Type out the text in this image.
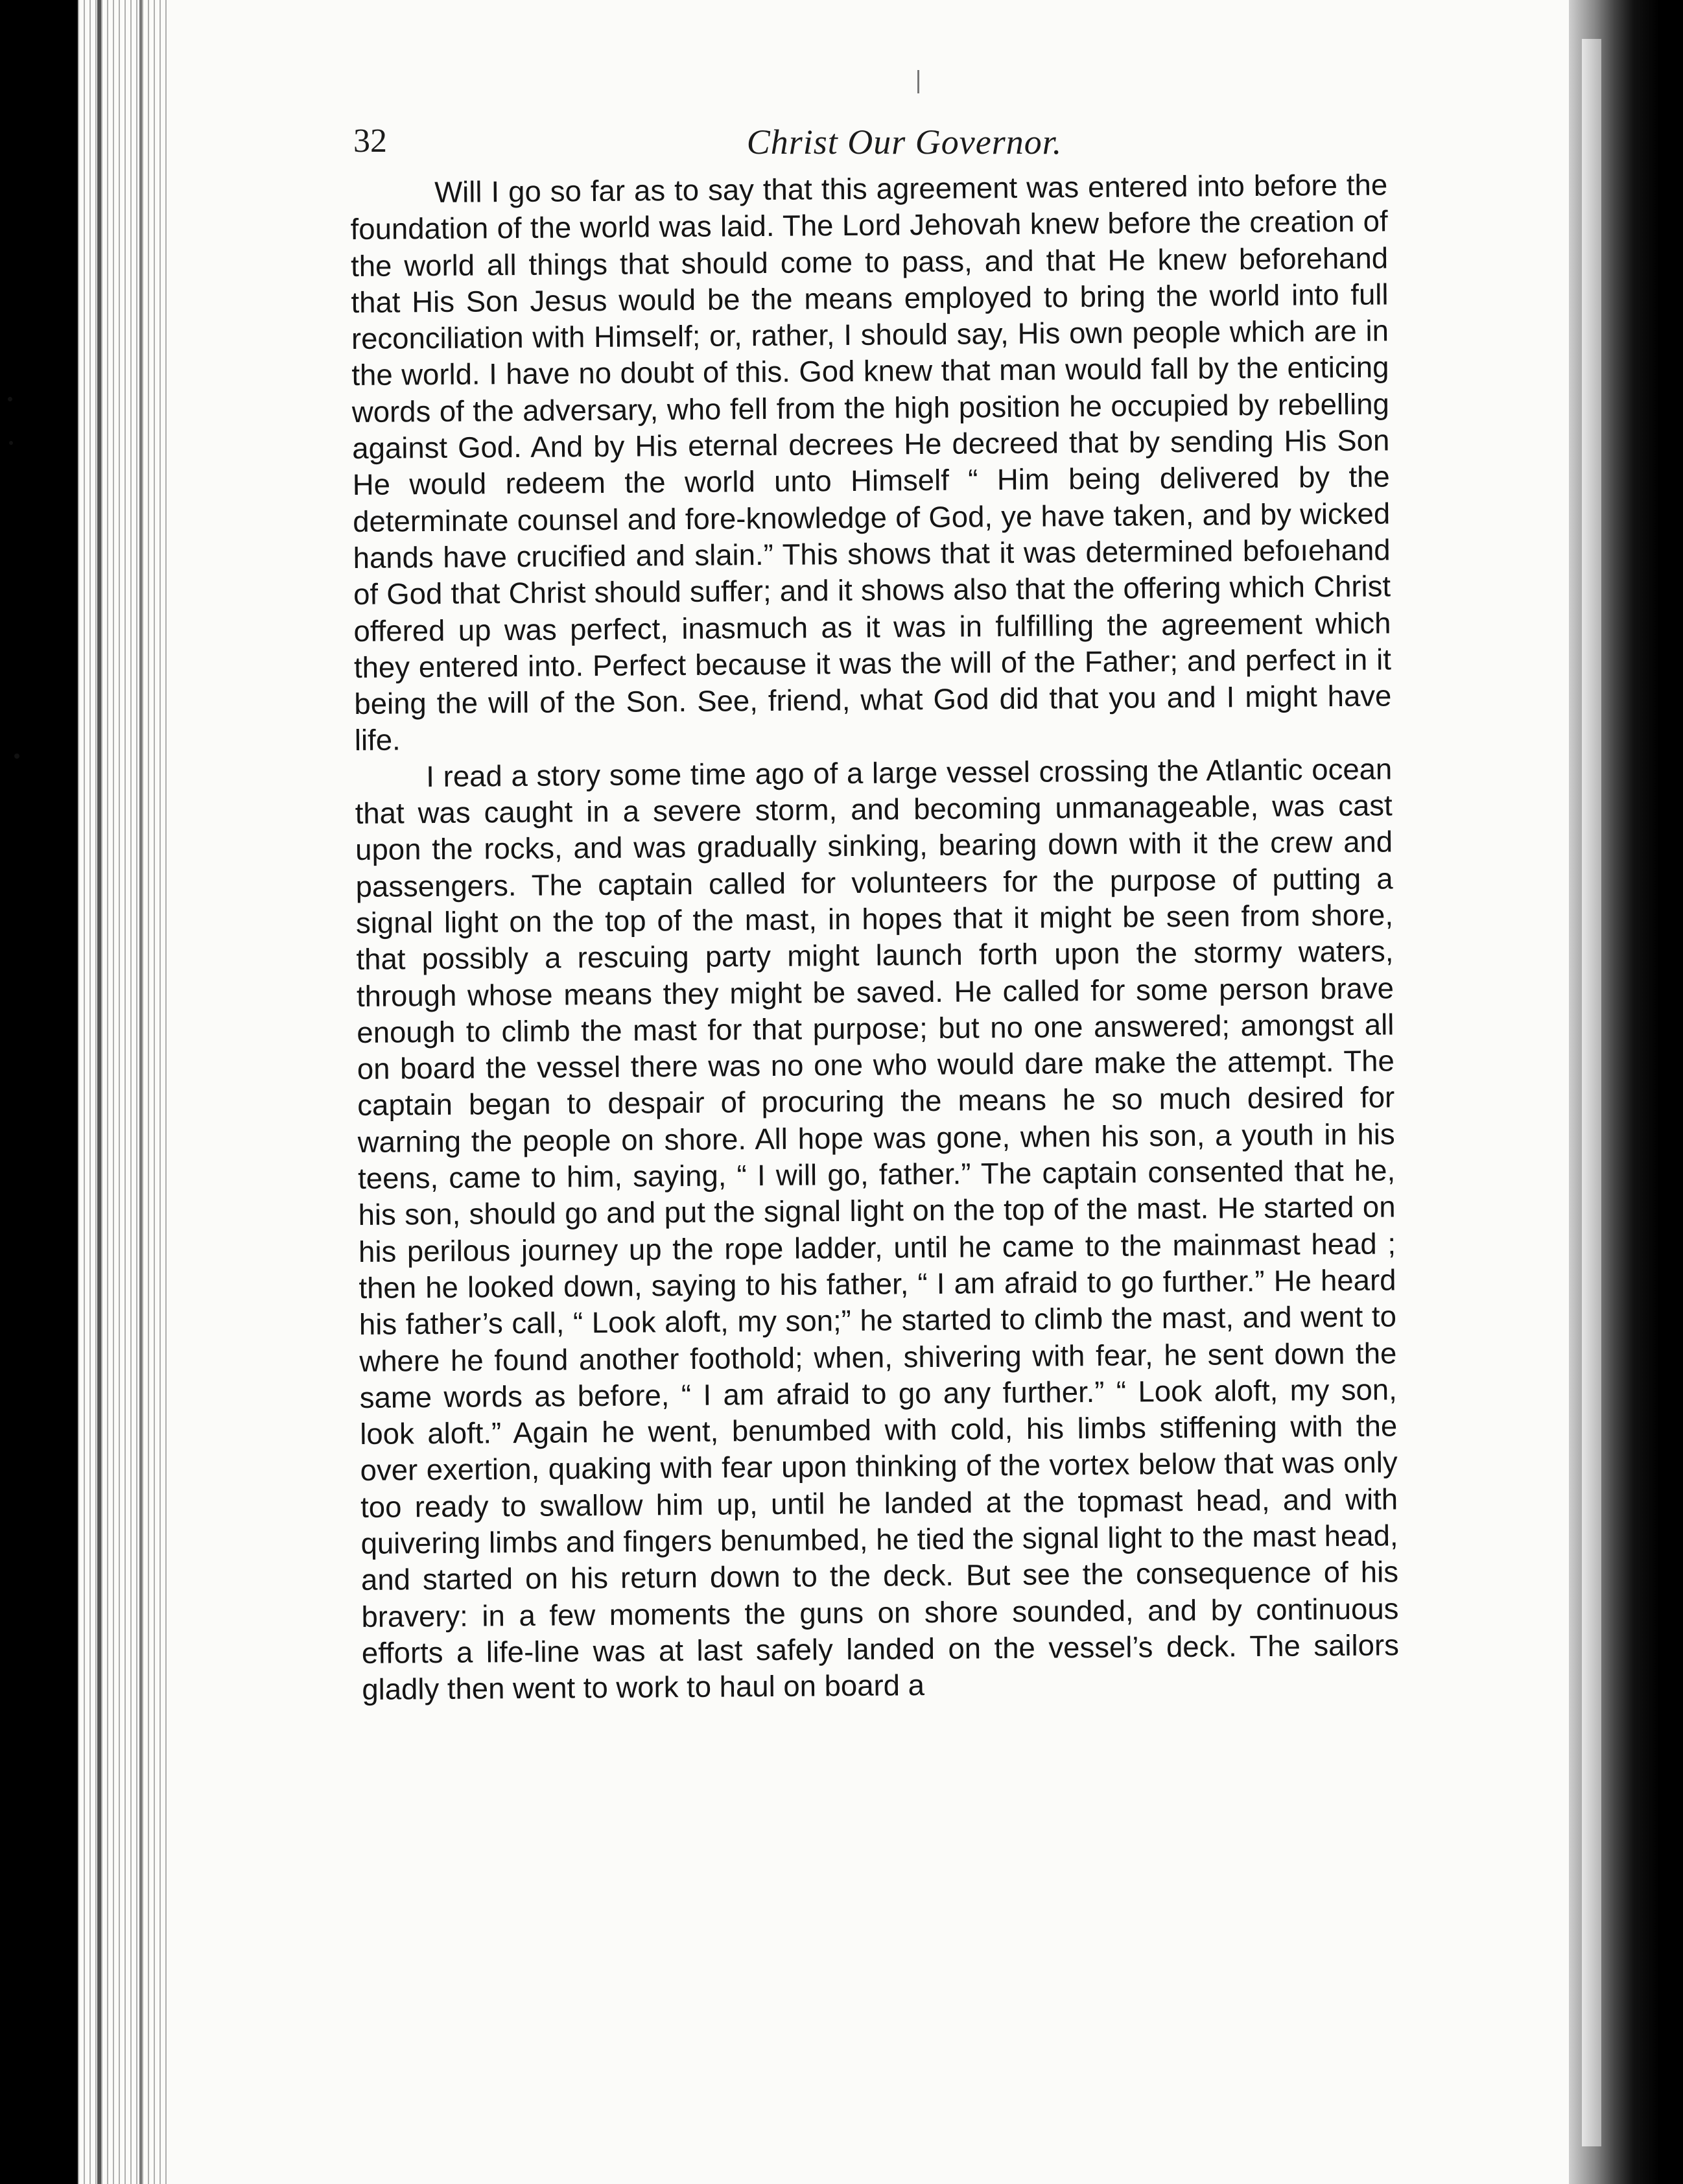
32	Christ Our Governor.

Will I go so far as to say that this agreement was entered into before the foundation of the world was laid. The Lord Jehovah knew before the creation of the world all things that should come to pass, and that He knew beforehand that His Son Jesus would be the means employed to bring the world into full reconciliation with Himself; or, rather, I should say, His own people which are in the world. I have no doubt of this. God knew that man would fall by the enticing words of the adversary, who fell from the high position he occupied by rebelling against God. And by His eternal decrees He decreed that by sending His Son He would redeem the world unto Himself “ Him being delivered by the determinate counsel and fore-knowledge of God, ye have taken, and by wicked hands have crucified and slain.” This shows that it was determined befoıehand of God that Christ should suffer; and it shows also that the offering which Christ offered up was perfect, inasmuch as it was in fulfilling the agreement which they entered into. Perfect because it was the will of the Father; and perfect in it being the will of the Son. See, friend, what God did that you and I might have life.

I read a story some time ago of a large vessel crossing the Atlantic ocean that was caught in a severe storm, and becoming unmanageable, was cast upon the rocks, and was gradually sinking, bearing down with it the crew and passengers. The captain called for volunteers for the purpose of putting a signal light on the top of the mast, in hopes that it might be seen from shore, that possibly a rescuing party might launch forth upon the stormy waters, through whose means they might be saved. He called for some person brave enough to climb the mast for that purpose; but no one answered; amongst all on board the vessel there was no one who would dare make the attempt. The captain began to despair of procuring the means he so much desired for warning the people on shore. All hope was gone, when his son, a youth in his teens, came to him, saying, “ I will go, father.” The captain consented that he, his son, should go and put the signal light on the top of the mast. He started on his perilous journey up the rope ladder, until he came to the mainmast head ; then he looked down, saying to his father, “ I am afraid to go further.” He heard his father’s call, “ Look aloft, my son;” he started to climb the mast, and went to where he found another foothold; when, shivering with fear, he sent down the same words as before, “ I am afraid to go any further.” “ Look aloft, my son, look aloft.” Again he went, benumbed with cold, his limbs stiffening with the over exertion, quaking with fear upon thinking of the vortex below that was only too ready to swallow him up, until he landed at the topmast head, and with quivering limbs and fingers benumbed, he tied the signal light to the mast head, and started on his return down to the deck. But see the consequence of his bravery: in a few moments the guns on shore sounded, and by continuous efforts a life-line was at last safely landed on the vessel’s deck. The sailors gladly then went to work to haul on board a
